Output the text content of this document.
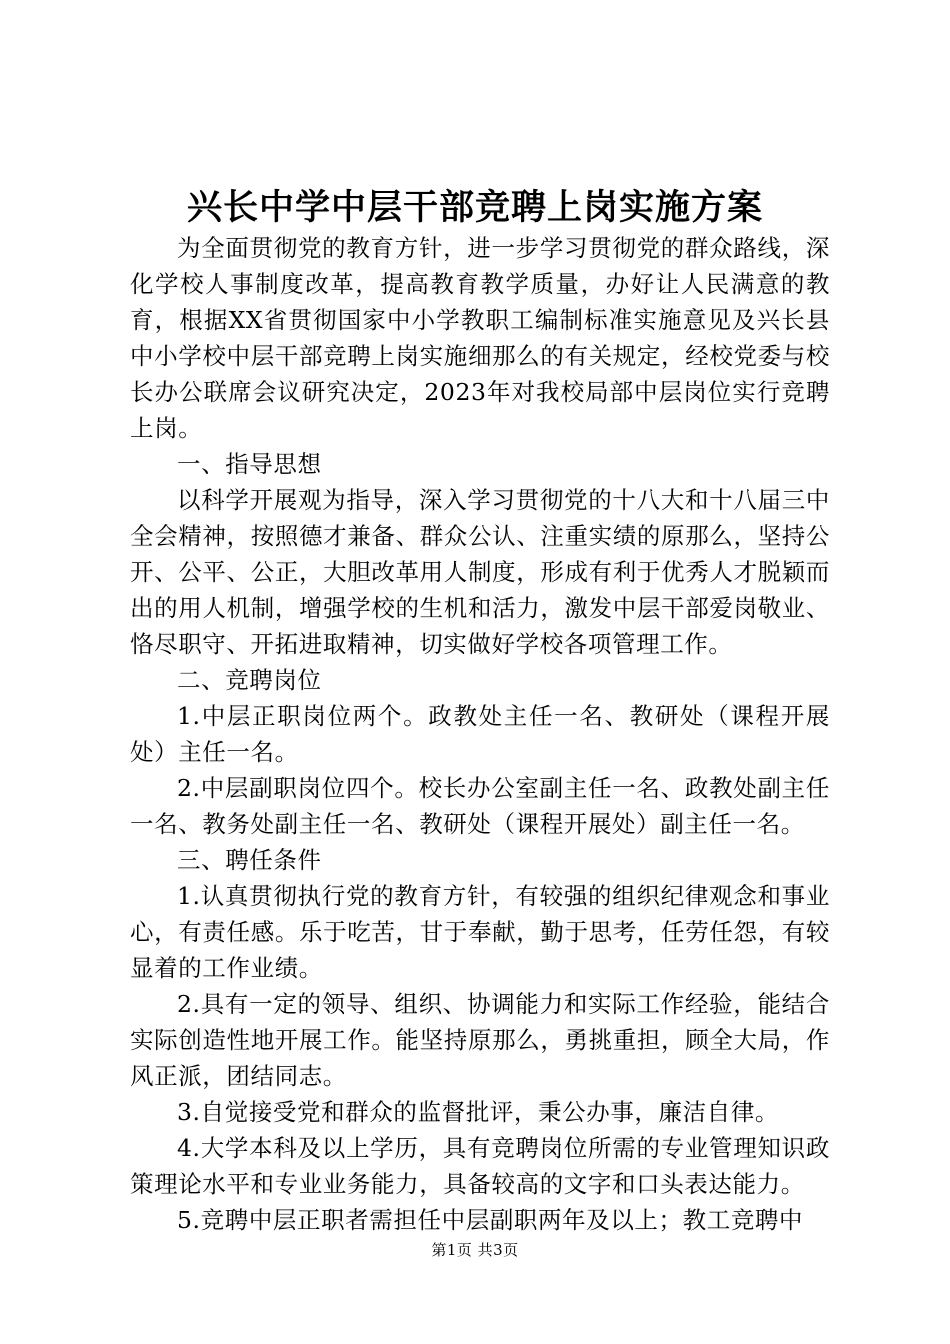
兴长中学中层干部竞聘上岗实施方案

为全面贯彻党的教育方针，进一步学习贯彻党的群众路线，深化学校人事制度改革，提高教育教学质量，办好让人民满意的教育，根据XX省贯彻国家中小学教职工编制标准实施意见及兴长县中小学校中层干部竞聘上岗实施细那么的有关规定，经校党委与校长办公联席会议研究决定，2023年对我校局部中层岗位实行竞聘上岗。

一、指导思想

以科学开展观为指导，深入学习贯彻党的十八大和十八届三中全会精神，按照德才兼备、群众公认、注重实绩的原那么，坚持公开、公平、公正，大胆改革用人制度，形成有利于优秀人才脱颖而出的用人机制，增强学校的生机和活力，激发中层干部爱岗敬业、恪尽职守、开拓进取精神，切实做好学校各项管理工作。

二、竞聘岗位

1.中层正职岗位两个。政教处主任一名、教研处（课程开展处）主任一名。

2.中层副职岗位四个。校长办公室副主任一名、政教处副主任一名、教务处副主任一名、教研处（课程开展处）副主任一名。

三、聘任条件

1.认真贯彻执行党的教育方针，有较强的组织纪律观念和事业心，有责任感。乐于吃苦，甘于奉献，勤于思考，任劳任怨，有较显着的工作业绩。

2.具有一定的领导、组织、协调能力和实际工作经验，能结合实际创造性地开展工作。能坚持原那么，勇挑重担，顾全大局，作风正派，团结同志。

3.自觉接受党和群众的监督批评，秉公办事，廉洁自律。

4.大学本科及以上学历，具有竞聘岗位所需的专业管理知识政策理论水平和专业业务能力，具备较高的文字和口头表达能力。

5.竞聘中层正职者需担任中层副职两年及以上；教工竞聘中

第1页 共3页
